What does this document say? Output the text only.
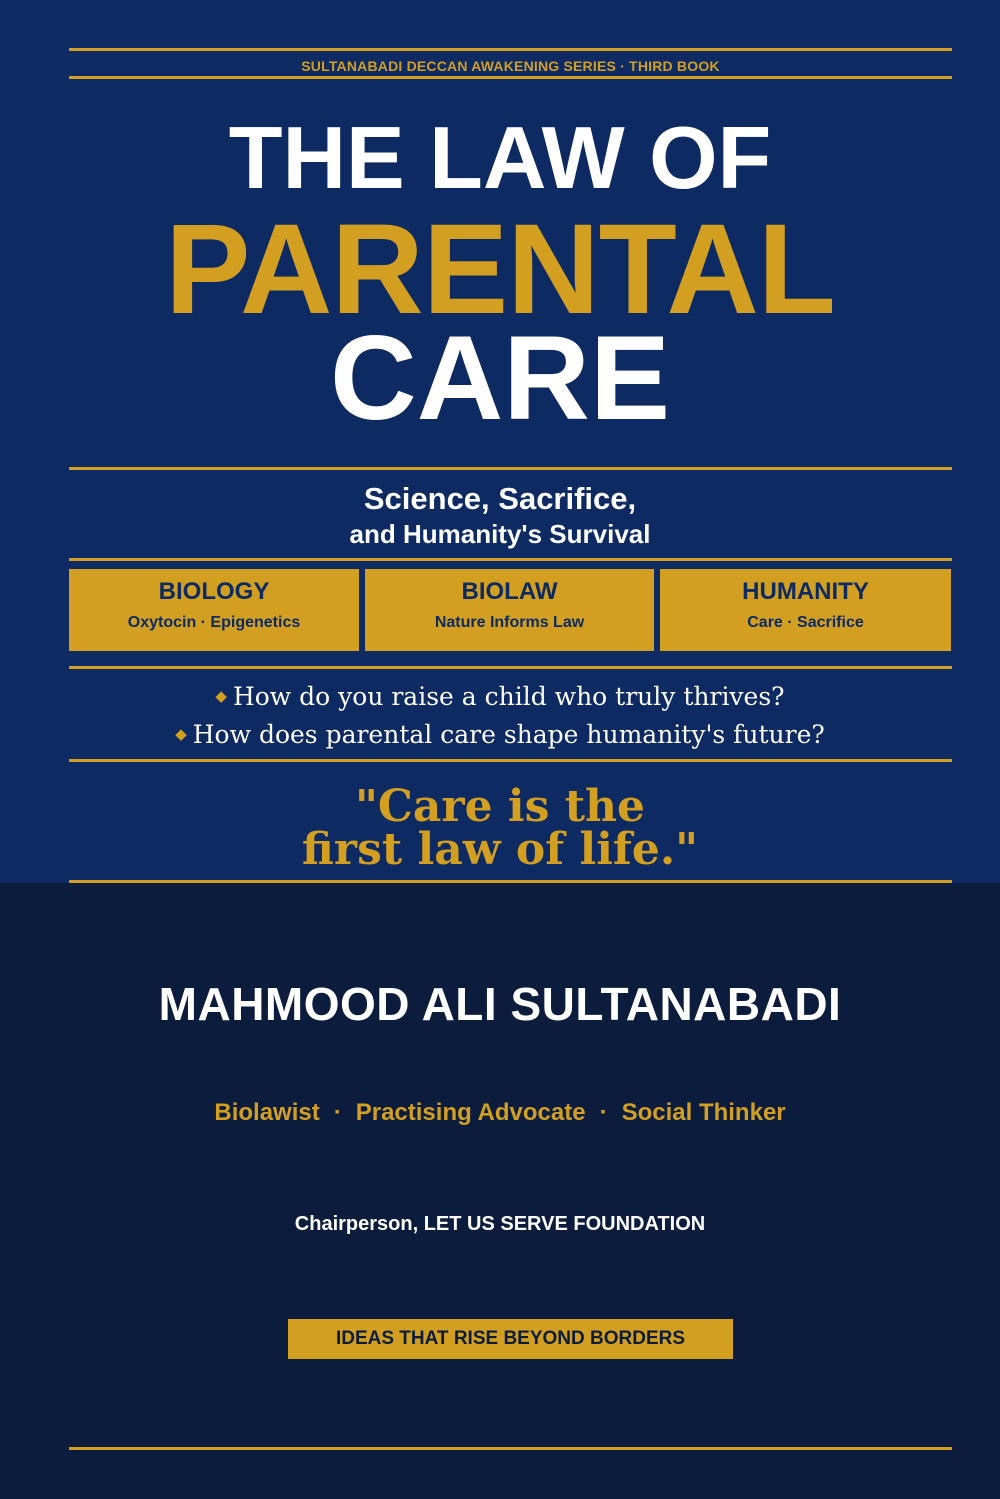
SULTANABADI DECCAN AWAKENING SERIES · THIRD BOOK
THE LAW OF
PARENTAL
CARE
Science, Sacrifice,
and Humanity's Survival
BIOLOGY
Oxytocin · Epigenetics
BIOLAW
Nature Informs Law
HUMANITY
Care · Sacrifice
◆ How do you raise a child who truly thrives?
◆ How does parental care shape humanity's future?
"Care is the
first law of life."
MAHMOOD ALI SULTANABADI
Biolawist · Practising Advocate · Social Thinker
Chairperson, LET US SERVE FOUNDATION
IDEAS THAT RISE BEYOND BORDERS
